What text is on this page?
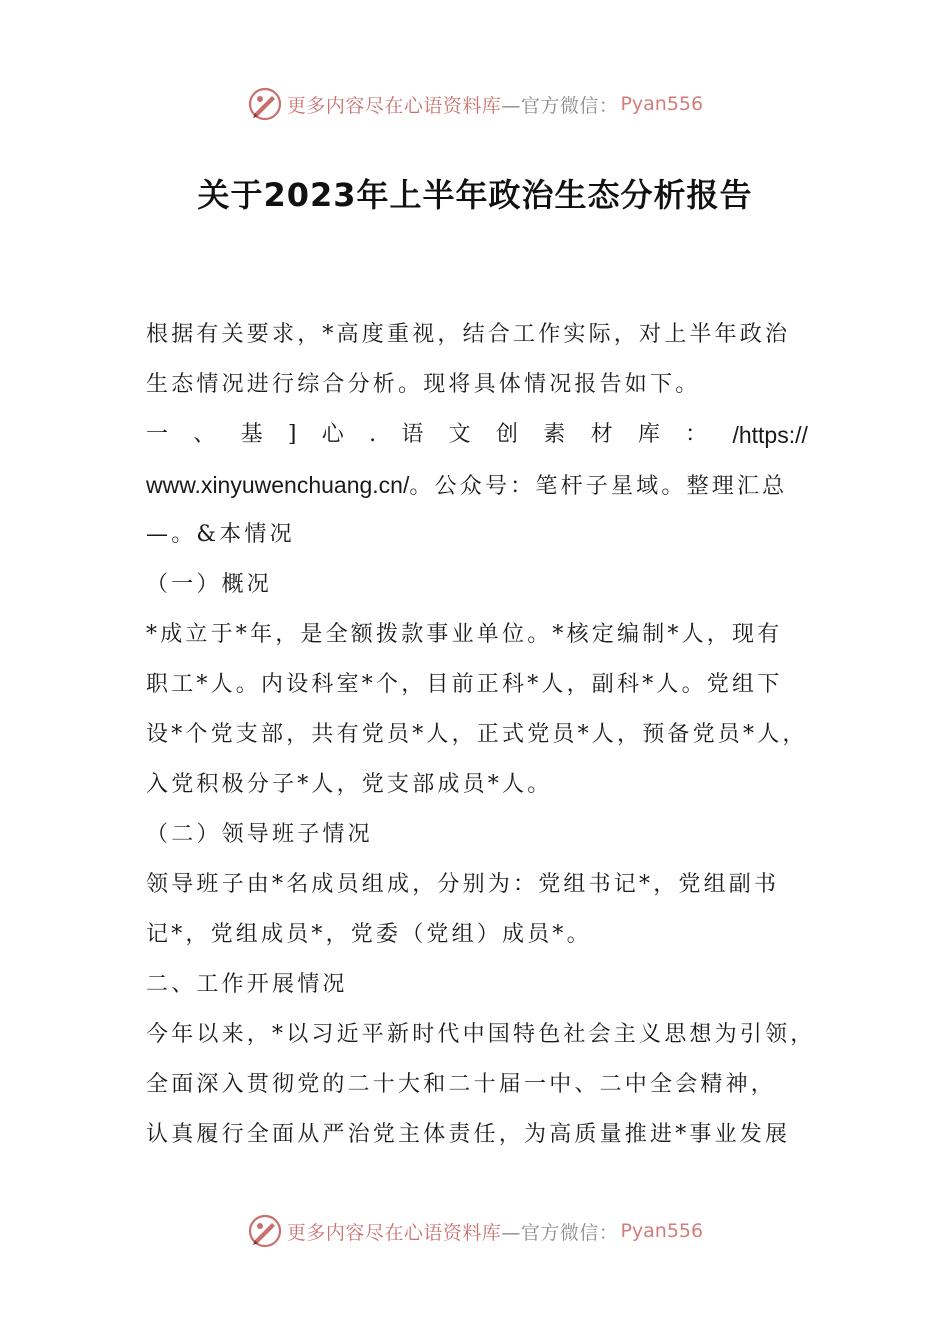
更多内容尽在心语资料库 —官方微信： Pyan556
关于2023年上半年政治生态分析报告
根据有关要求，*高度重视，结合工作实际，对上半年政治
生态情况进行综合分析。现将具体情况报告如下。
一 、 基 ] 心 . 语 文 创 素 材 库 ： /https://
www.xinyuwenchuang.cn/。公众号：笔杆子星域。整理汇总
—。&本情况
（一）概况
*成立于*年，是全额拨款事业单位。*核定编制*人，现有
职工*人。内设科室*个，目前正科*人，副科*人。党组下
设*个党支部，共有党员*人，正式党员*人，预备党员*人，
入党积极分子*人，党支部成员*人。
（二）领导班子情况
领导班子由*名成员组成，分别为：党组书记*，党组副书
记*，党组成员*，党委（党组）成员*。
二、工作开展情况
今年以来，*以习近平新时代中国特色社会主义思想为引领，
全面深入贯彻党的二十大和二十届一中、二中全会精神，
认真履行全面从严治党主体责任，为高质量推进*事业发展
更多内容尽在心语资料库 —官方微信： Pyan556
